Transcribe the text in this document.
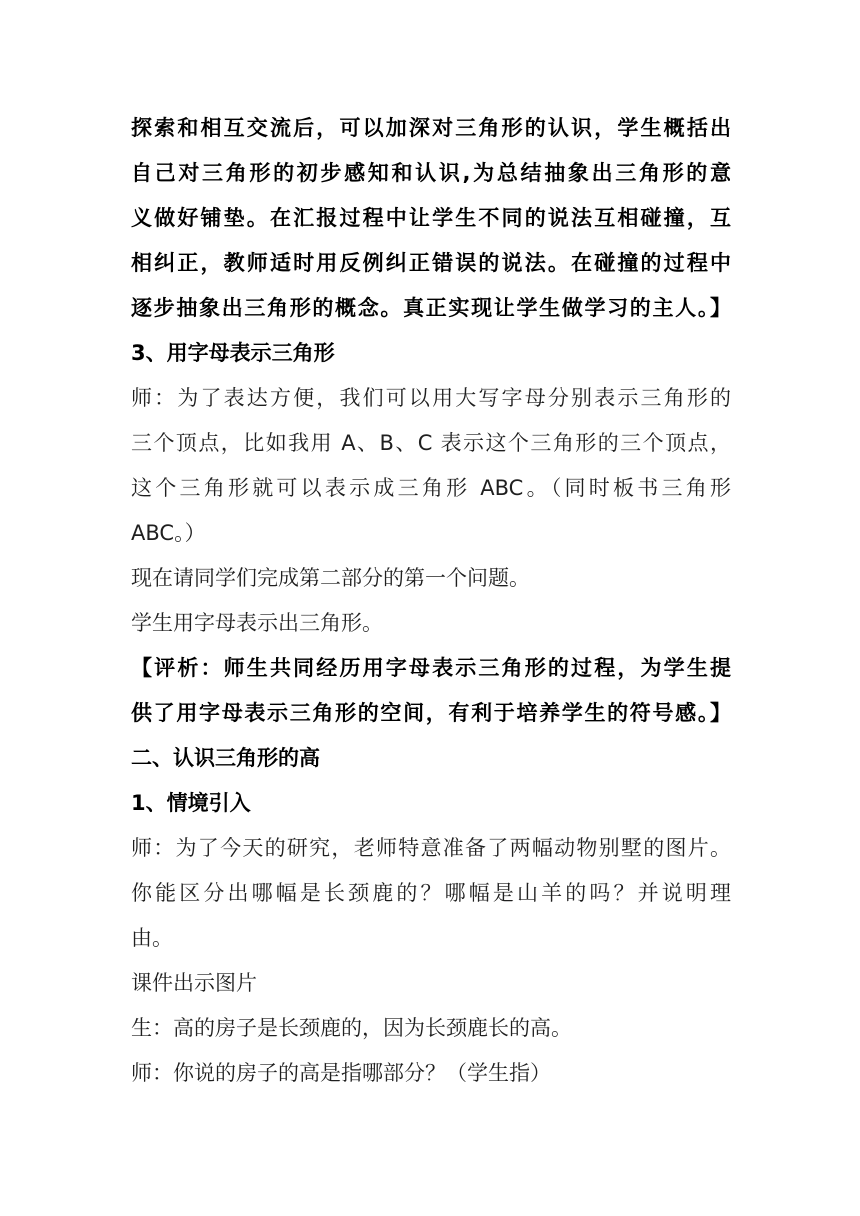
探索和相互交流后，可以加深对三角形的认识，学生概括出

自己对三角形的初步感知和认识,为总结抽象出三角形的意

义做好铺垫。在汇报过程中让学生不同的说法互相碰撞，互

相纠正，教师适时用反例纠正错误的说法。在碰撞的过程中

逐步抽象出三角形的概念。真正实现让学生做学习的主人。】

3、用字母表示三角形

师：为了表达方便，我们可以用大写字母分别表示三角形的

三个顶点，比如我用 A、B、C 表示这个三角形的三个顶点，

这个三角形就可以表示成三角形 ABC。（同时板书三角形

ABC。）

现在请同学们完成第二部分的第一个问题。

学生用字母表示出三角形。

【评析：师生共同经历用字母表示三角形的过程，为学生提

供了用字母表示三角形的空间，有利于培养学生的符号感。】

二、认识三角形的高

1、情境引入

师：为了今天的研究，老师特意准备了两幅动物别墅的图片。

你能区分出哪幅是长颈鹿的？哪幅是山羊的吗？并说明理

由。

课件出示图片

生：高的房子是长颈鹿的，因为长颈鹿长的高。

师：你说的房子的高是指哪部分？（学生指）
